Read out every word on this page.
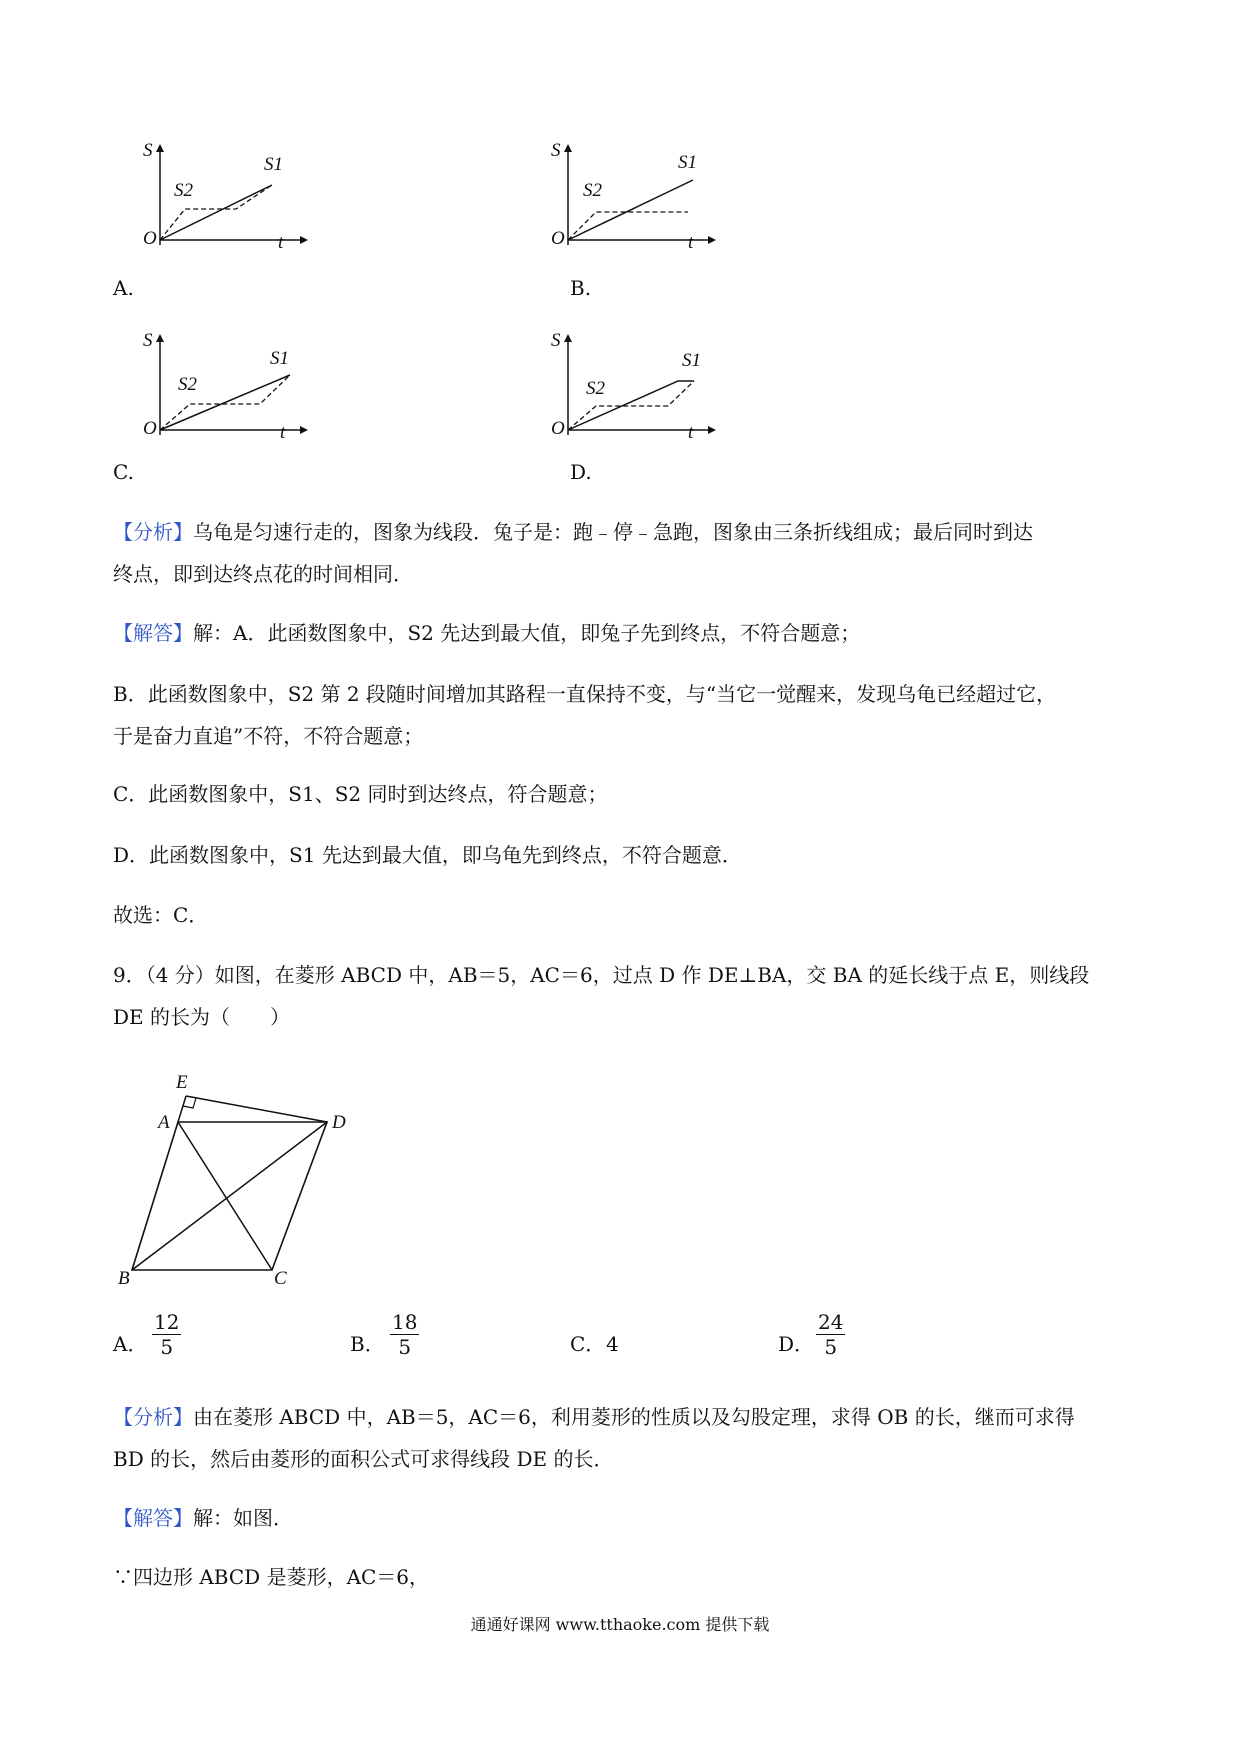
S
t
O
S1
S2
A.
S
t
O
S1
S2
B.
S
t
O
S1
S2
C.
S
t
O
S1
S2
D.
【分析】乌龟是匀速行走的，图象为线段．兔子是：跑﹣停﹣急跑，图象由三条折线组成；最后同时到达
终点，即到达终点花的时间相同．
【解答】解：A．此函数图象中，S2 先达到最大值，即兔子先到终点，不符合题意；
B．此函数图象中，S2 第 2 段随时间增加其路程一直保持不变，与“当它一觉醒来，发现乌龟已经超过它，
于是奋力直追”不符，不符合题意；
C．此函数图象中，S1、S2 同时到达终点，符合题意；
D．此函数图象中，S1 先达到最大值，即乌龟先到终点，不符合题意．
故选：C．
9．（4 分）如图，在菱形 ABCD 中，AB＝5，AC＝6，过点 D 作 DE⊥BA，交 BA 的延长线于点 E，则线段
DE 的长为（　　）
E
A	D
B	C
A． $\frac{12}{5}$	B． $\frac{18}{5}$	C． 4	D． $\frac{24}{5}$
【分析】由在菱形 ABCD 中，AB＝5，AC＝6，利用菱形的性质以及勾股定理，求得 OB 的长，继而可求得
BD 的长，然后由菱形的面积公式可求得线段 DE 的长．
【解答】解：如图．
∵四边形 ABCD 是菱形，AC＝6，
通通好课网 www.tthaoke.com 提供下载
